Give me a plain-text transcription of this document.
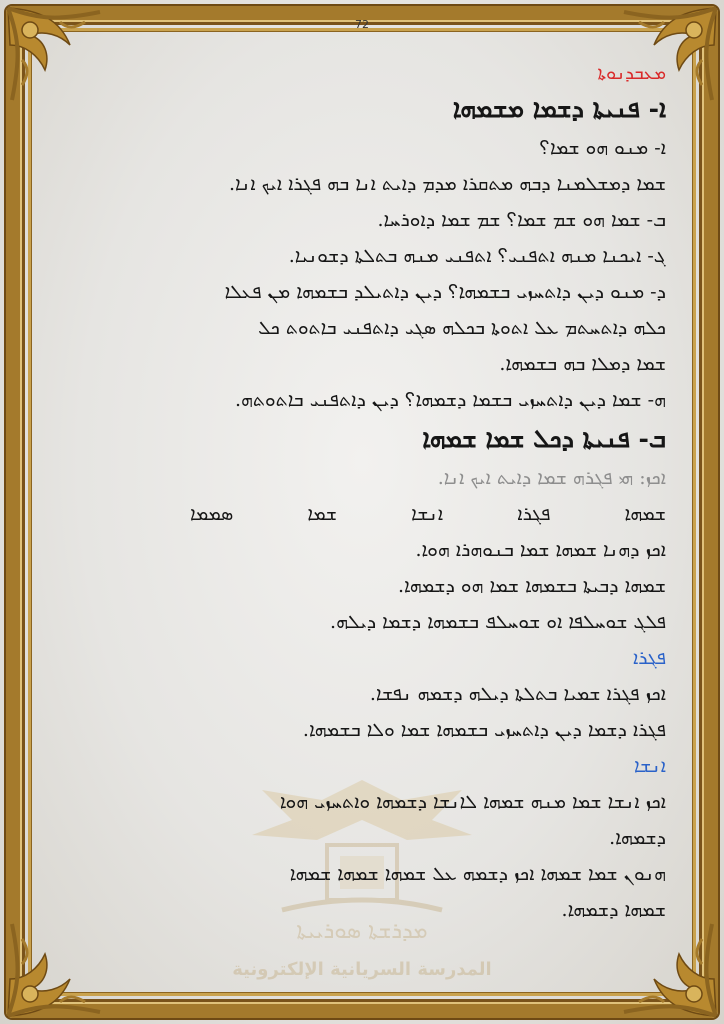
ܡܕܪܫܬܐ ܣܘܪܝܝܬܐ
المدرسة السريانية الإلكترونية
72
ܡܥܒܕܢܘܬܐ
ܐ- ܦܢܝܬܐ ܕܫܡܐ ܡܫܡܗܐ
ܐ- ܡܢܘ ܗܘ ܫܡܐ؟
ܫܡܐ ܕܡܫܠܡܢܐ ܕܒܗ ܡܬܩܪܐ ܡܕܡ ܕܐܝܬ ܐܢܐ ܒܗ ܦܓܪܐ ܐܝܟ ܐܢܐ.
ܒ- ܫܡܐ ܗܘ ܫܡ ܫܡܐ؟ ܫܡ ܫܡܐ ܕܐܘܪܚܐ.
ܓ- ܐܝܟܢܐ ܡܢܗ ܐܬܦܢܝ؟ ܐܬܦܢܝ ܡܢܗ ܒܬܠܬܐ ܕܫܘܢܝܐ.
ܕ- ܡܢܘ ܕܝܢ ܕܐܬܚܙܝ ܒܫܡܗܐ؟ ܕܝܢ ܕܐܬܝܠܕ ܒܫܡܗܐ ܡܢ ܦܥܠܐ
ܟܠܗ ܕܐܬܚܬܡ ܥܠ ܐܬܘܬܐ ܒܟܠܗ ܣܓܝ ܕܐܬܦܢܝ ܒܐܬܘܬ ܟܠ
ܫܡܐ ܕܡܠܐ ܒܗ ܒܫܡܗܐ.
ܗ- ܫܡܐ ܕܝܢ ܕܐܬܚܙܝ ܒܫܡܐ ܕܫܡܗܐ؟ ܕܝܢ ܕܐܬܦܢܝ ܒܐܬܘܬܗ.
ܒ- ܦܢܝܬܐ ܕܟܠ ܫܡܐ ܫܡܗܐ
ܐܟܙ: ܗܝ ܦܓܪܗ ܫܡܐ ܕܐܝܬ ܐܝܟ ܐܢܐ.
ܫܡܗܐ
ܦܓܪܐ
ܐܢܫܐ
ܫܡܐ
ܣܡܡܐ
ܐܟܙ ܕܗܢܐ ܫܡܗܐ ܫܡܐ ܒܢܘܗܪܐ ܗܘܐ.
ܫܡܗܐ ܕܒܝܬܐ ܒܫܡܗܐ ܫܡܐ ܗܘ ܕܫܡܗܐ.
ܦܠܓ ܫܘܚܠܦܐ ܐܘ ܫܘܚܠܦ ܒܫܡܗܐ ܕܫܡܐ ܕܝܠܗ.
ܦܓܪܐ
ܐܟܙ ܦܓܪܐ ܫܡܝܐ ܒܬܠܬܐ ܕܝܠܗ ܕܫܡܗ ܢܦܫܐ.
ܦܓܪܐ ܕܫܡܐ ܕܝܢ ܕܐܬܚܙܝ ܒܫܡܗܐ ܫܡܐ ܘܠܐ ܒܫܡܗܐ.
ܐܢܫܐ
ܐܟܙ ܐܢܫܐ ܫܡܐ ܡܢܗ ܫܡܗܐ ܠܐܢܫܐ ܕܫܡܗܐ ܘܐܬܚܙܝ ܗܘܐ
ܕܫܡܗܐ.
ܗܢܘܢ ܫܡܐ ܫܡܗܐ ܐܟܙ ܕܫܡܗ ܥܠ ܫܡܗܐ ܫܡܗܐ ܫܡܗܐ
ܫܡܗܐ ܕܫܡܗܐ.
